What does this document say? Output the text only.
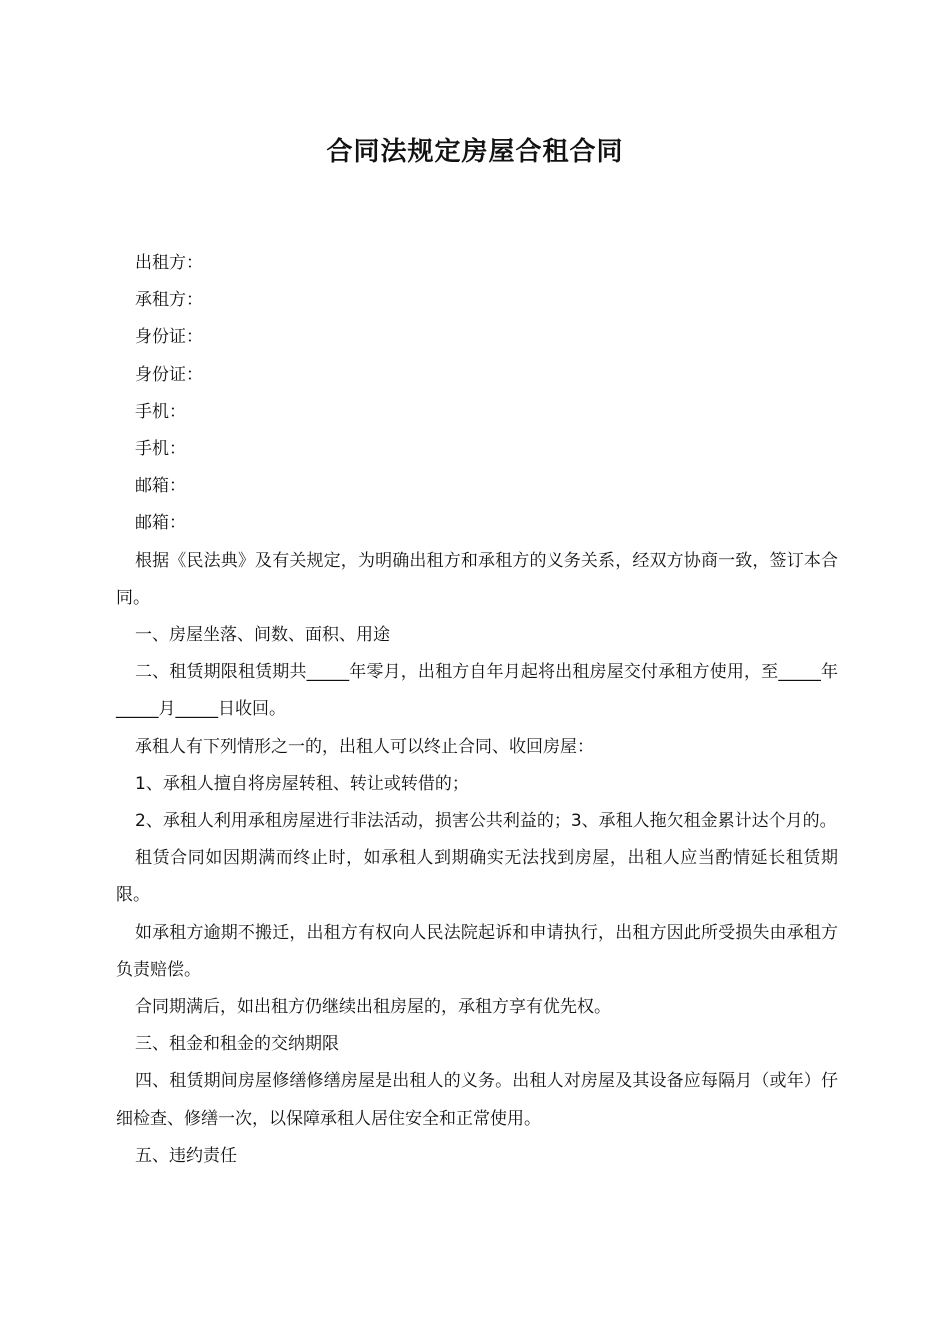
合同法规定房屋合租合同

出租方：

承租方：

身份证：

身份证：

手机：

手机：

邮箱：

邮箱：

根据《民法典》及有关规定，为明确出租方和承租方的义务关系，经双方协商一致，签订本合同。

一、房屋坐落、间数、面积、用途

二、租赁期限租赁期共_____年零月，出租方自年月起将出租房屋交付承租方使用，至_____年_____月_____日收回。

承租人有下列情形之一的，出租人可以终止合同、收回房屋：

1、承租人擅自将房屋转租、转让或转借的；

2、承租人利用承租房屋进行非法活动，损害公共利益的；3、承租人拖欠租金累计达个月的。

租赁合同如因期满而终止时，如承租人到期确实无法找到房屋，出租人应当酌情延长租赁期限。

如承租方逾期不搬迁，出租方有权向人民法院起诉和申请执行，出租方因此所受损失由承租方负责赔偿。

合同期满后，如出租方仍继续出租房屋的，承租方享有优先权。

三、租金和租金的交纳期限

四、租赁期间房屋修缮修缮房屋是出租人的义务。出租人对房屋及其设备应每隔月（或年）仔细检查、修缮一次，以保障承租人居住安全和正常使用。

五、违约责任
